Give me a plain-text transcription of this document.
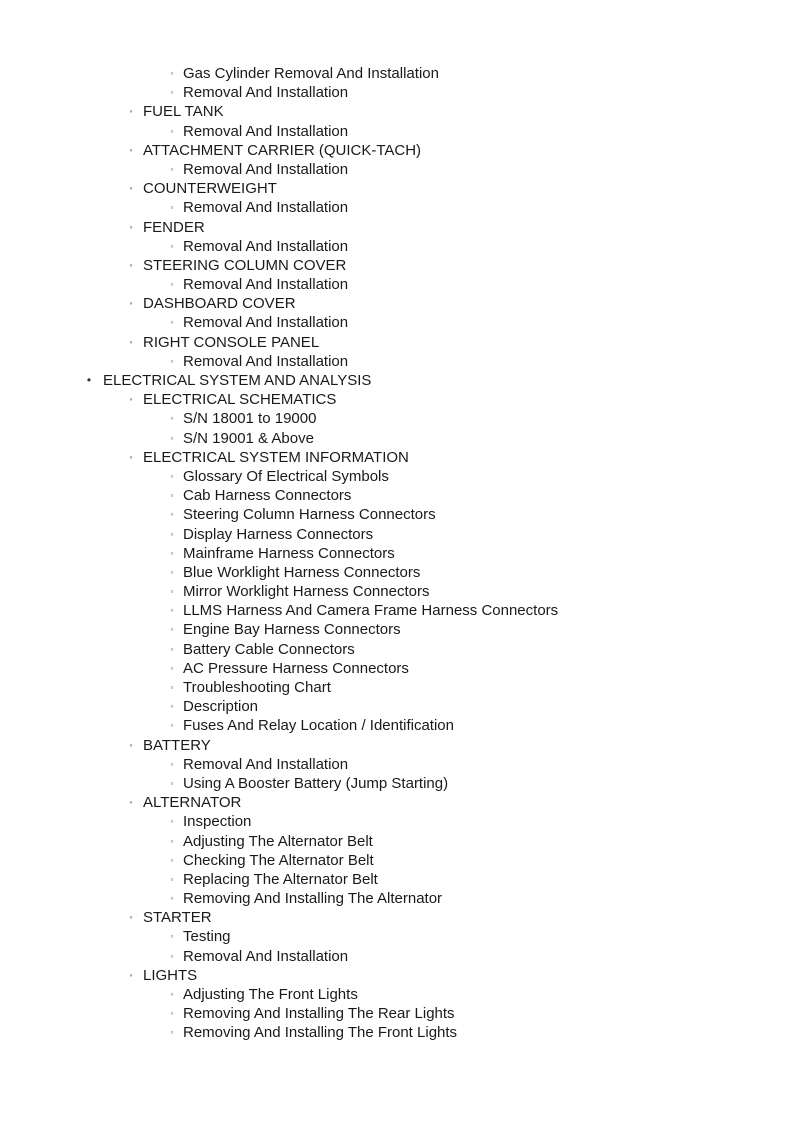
▫ Gas Cylinder Removal And Installation
▫ Removal And Installation
◦ FUEL TANK
▫ Removal And Installation
◦ ATTACHMENT CARRIER (QUICK-TACH)
▫ Removal And Installation
◦ COUNTERWEIGHT
▫ Removal And Installation
◦ FENDER
▫ Removal And Installation
◦ STEERING COLUMN COVER
▫ Removal And Installation
◦ DASHBOARD COVER
▫ Removal And Installation
◦ RIGHT CONSOLE PANEL
▫ Removal And Installation
• ELECTRICAL SYSTEM AND ANALYSIS
◦ ELECTRICAL SCHEMATICS
▫ S/N 18001 to 19000
▫ S/N 19001 & Above
◦ ELECTRICAL SYSTEM INFORMATION
▫ Glossary Of Electrical Symbols
▫ Cab Harness Connectors
▫ Steering Column Harness Connectors
▫ Display Harness Connectors
▫ Mainframe Harness Connectors
▫ Blue Worklight Harness Connectors
▫ Mirror Worklight Harness Connectors
▫ LLMS Harness And Camera Frame Harness Connectors
▫ Engine Bay Harness Connectors
▫ Battery Cable Connectors
▫ AC Pressure Harness Connectors
▫ Troubleshooting Chart
▫ Description
▫ Fuses And Relay Location / Identification
◦ BATTERY
▫ Removal And Installation
▫ Using A Booster Battery (Jump Starting)
◦ ALTERNATOR
▫ Inspection
▫ Adjusting The Alternator Belt
▫ Checking The Alternator Belt
▫ Replacing The Alternator Belt
▫ Removing And Installing The Alternator
◦ STARTER
▫ Testing
▫ Removal And Installation
◦ LIGHTS
▫ Adjusting The Front Lights
▫ Removing And Installing The Rear Lights
▫ Removing And Installing The Front Lights
